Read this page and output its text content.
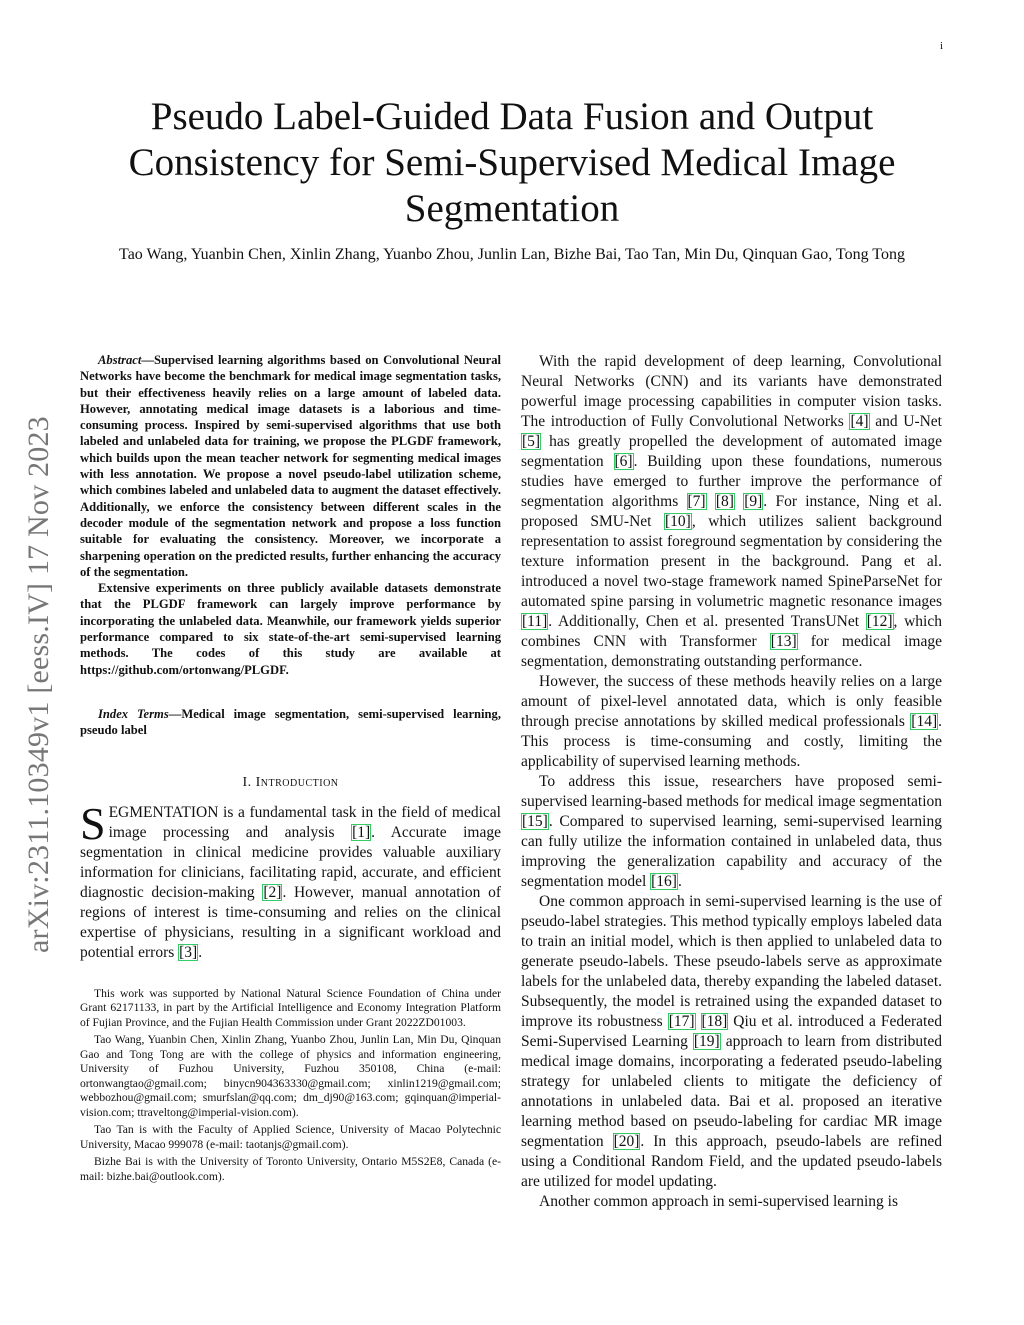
i
arXiv:2311.10349v1 [eess.IV] 17 Nov 2023
Pseudo Label-Guided Data Fusion and Output Consistency for Semi-Supervised Medical Image Segmentation
Tao Wang, Yuanbin Chen, Xinlin Zhang, Yuanbo Zhou, Junlin Lan, Bizhe Bai, Tao Tan, Min Du, Qinquan Gao, Tong Tong

Abstract—Supervised learning algorithms based on Convolutional Neural Networks have become the benchmark for medical image segmentation tasks, but their effectiveness heavily relies on a large amount of labeled data. However, annotating medical image datasets is a laborious and time-consuming process. Inspired by semi-supervised algorithms that use both labeled and unlabeled data for training, we propose the PLGDF framework, which builds upon the mean teacher network for segmenting medical images with less annotation. We propose a novel pseudo-label utilization scheme, which combines labeled and unlabeled data to augment the dataset effectively. Additionally, we enforce the consistency between different scales in the decoder module of the segmentation network and propose a loss function suitable for evaluating the consistency. Moreover, we incorporate a sharpening operation on the predicted results, further enhancing the accuracy of the segmentation.

Extensive experiments on three publicly available datasets demonstrate that the PLGDF framework can largely improve performance by incorporating the unlabeled data. Meanwhile, our framework yields superior performance compared to six state-of-the-art semi-supervised learning methods. The codes of this study are available at https://github.com/ortonwang/PLGDF.

Index Terms—Medical image segmentation, semi-supervised learning, pseudo label
I. Introduction

SEGMENTATION is a fundamental task in the field of medical image processing and analysis [1]. Accurate image segmentation in clinical medicine provides valuable auxiliary information for clinicians, facilitating rapid, accurate, and efficient diagnostic decision-making [2]. However, manual annotation of regions of interest is time-consuming and relies on the clinical expertise of physicians, resulting in a significant workload and potential errors [3].

This work was supported by National Natural Science Foundation of China under Grant 62171133, in part by the Artificial Intelligence and Economy Integration Platform of Fujian Province, and the Fujian Health Commission under Grant 2022ZD01003.

Tao Wang, Yuanbin Chen, Xinlin Zhang, Yuanbo Zhou, Junlin Lan, Min Du, Qinquan Gao and Tong Tong are with the college of physics and information engineering, University of Fuzhou University, Fuzhou 350108, China (e-mail: ortonwangtao@gmail.com; binycn904363330@gmail.com; xinlin1219@gmail.com; webbozhou@gmail.com; smurfslan@qq.com; dm_dj90@163.com; gqinquan@imperial-vision.com; ttraveltong@imperial-vision.com).

Tao Tan is with the Faculty of Applied Science, University of Macao Polytechnic University, Macao 999078 (e-mail: taotanjs@gmail.com).

Bizhe Bai is with the University of Toronto University, Ontario M5S2E8, Canada (e-mail: bizhe.bai@outlook.com).

With the rapid development of deep learning, Convolutional Neural Networks (CNN) and its variants have demonstrated powerful image processing capabilities in computer vision tasks. The introduction of Fully Convolutional Networks [4] and U-Net [5] has greatly propelled the development of automated image segmentation [6]. Building upon these foundations, numerous studies have emerged to further improve the performance of segmentation algorithms [7] [8] [9]. For instance, Ning et al. proposed SMU-Net [10], which utilizes salient background representation to assist foreground segmentation by considering the texture information present in the background. Pang et al. introduced a novel two-stage framework named SpineParseNet for automated spine parsing in volumetric magnetic resonance images [11]. Additionally, Chen et al. presented TransUNet [12], which combines CNN with Transformer [13] for medical image segmentation, demonstrating outstanding performance.

However, the success of these methods heavily relies on a large amount of pixel-level annotated data, which is only feasible through precise annotations by skilled medical professionals [14]. This process is time-consuming and costly, limiting the applicability of supervised learning methods.

To address this issue, researchers have proposed semi-supervised learning-based methods for medical image segmentation [15]. Compared to supervised learning, semi-supervised learning can fully utilize the information contained in unlabeled data, thus improving the generalization capability and accuracy of the segmentation model [16].

One common approach in semi-supervised learning is the use of pseudo-label strategies. This method typically employs labeled data to train an initial model, which is then applied to unlabeled data to generate pseudo-labels. These pseudo-labels serve as approximate labels for the unlabeled data, thereby expanding the labeled dataset. Subsequently, the model is retrained using the expanded dataset to improve its robustness [17] [18] Qiu et al. introduced a Federated Semi-Supervised Learning [19] approach to learn from distributed medical image domains, incorporating a federated pseudo-labeling strategy for unlabeled clients to mitigate the deficiency of annotations in unlabeled data. Bai et al. proposed an iterative learning method based on pseudo-labeling for cardiac MR image segmentation [20]. In this approach, pseudo-labels are refined using a Conditional Random Field, and the updated pseudo-labels are utilized for model updating.

Another common approach in semi-supervised learning is
